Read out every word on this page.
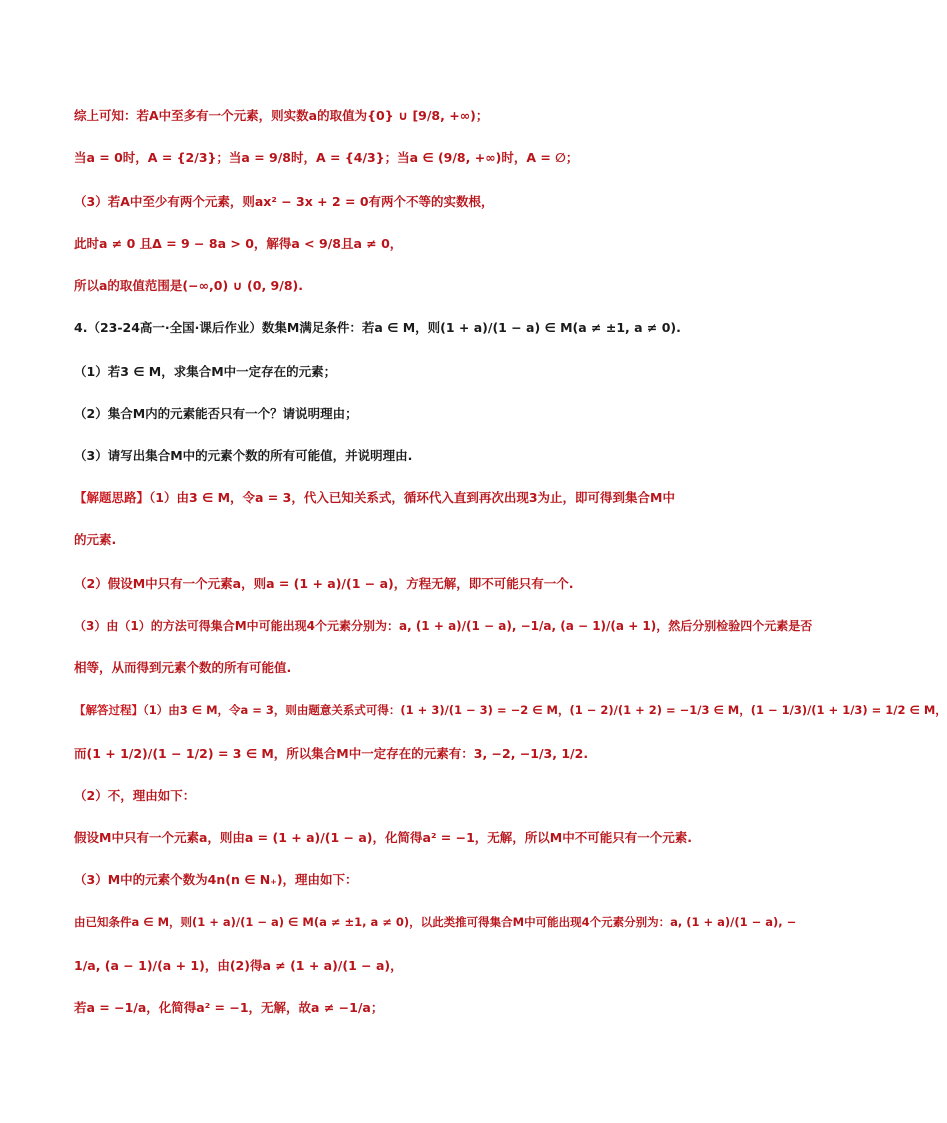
综上可知：若A中至多有一个元素，则实数a的取值为{0} ∪ [9/8, +∞)；
当a = 0时，A = {2/3}；当a = 9/8时，A = {4/3}；当a ∈ (9/8, +∞)时，A = ∅；
（3）若A中至少有两个元素，则ax² − 3x + 2 = 0有两个不等的实数根，
此时a ≠ 0 且Δ = 9 − 8a > 0，解得a < 9/8且a ≠ 0，
所以a的取值范围是(−∞,0) ∪ (0, 9/8).
4.（23-24高一·全国·课后作业）数集M满足条件：若a ∈ M，则(1 + a)/(1 − a) ∈ M(a ≠ ±1, a ≠ 0).
（1）若3 ∈ M，求集合M中一定存在的元素；
（2）集合M内的元素能否只有一个？请说明理由；
（3）请写出集合M中的元素个数的所有可能值，并说明理由.
【解题思路】（1）由3 ∈ M，令a = 3，代入已知关系式，循环代入直到再次出现3为止，即可得到集合M中
的元素.
（2）假设M中只有一个元素a，则a = (1 + a)/(1 − a)，方程无解，即不可能只有一个.
（3）由（1）的方法可得集合M中可能出现4个元素分别为：a, (1 + a)/(1 − a), −1/a, (a − 1)/(a + 1)，然后分别检验四个元素是否
相等，从而得到元素个数的所有可能值.
【解答过程】（1）由3 ∈ M，令a = 3，则由题意关系式可得：(1 + 3)/(1 − 3) = −2 ∈ M，(1 − 2)/(1 + 2) = −1/3 ∈ M，(1 − 1/3)/(1 + 1/3) = 1/2 ∈ M，
而(1 + 1/2)/(1 − 1/2) = 3 ∈ M，所以集合M中一定存在的元素有：3, −2, −1/3, 1/2.
（2）不，理由如下：
假设M中只有一个元素a，则由a = (1 + a)/(1 − a)，化简得a² = −1，无解，所以M中不可能只有一个元素.
（3）M中的元素个数为4n(n ∈ N₊)，理由如下：
由已知条件a ∈ M，则(1 + a)/(1 − a) ∈ M(a ≠ ±1, a ≠ 0)，以此类推可得集合M中可能出现4个元素分别为：a, (1 + a)/(1 − a), −
1/a, (a − 1)/(a + 1)，由(2)得a ≠ (1 + a)/(1 − a)，
若a = −1/a，化简得a² = −1，无解，故a ≠ −1/a；
